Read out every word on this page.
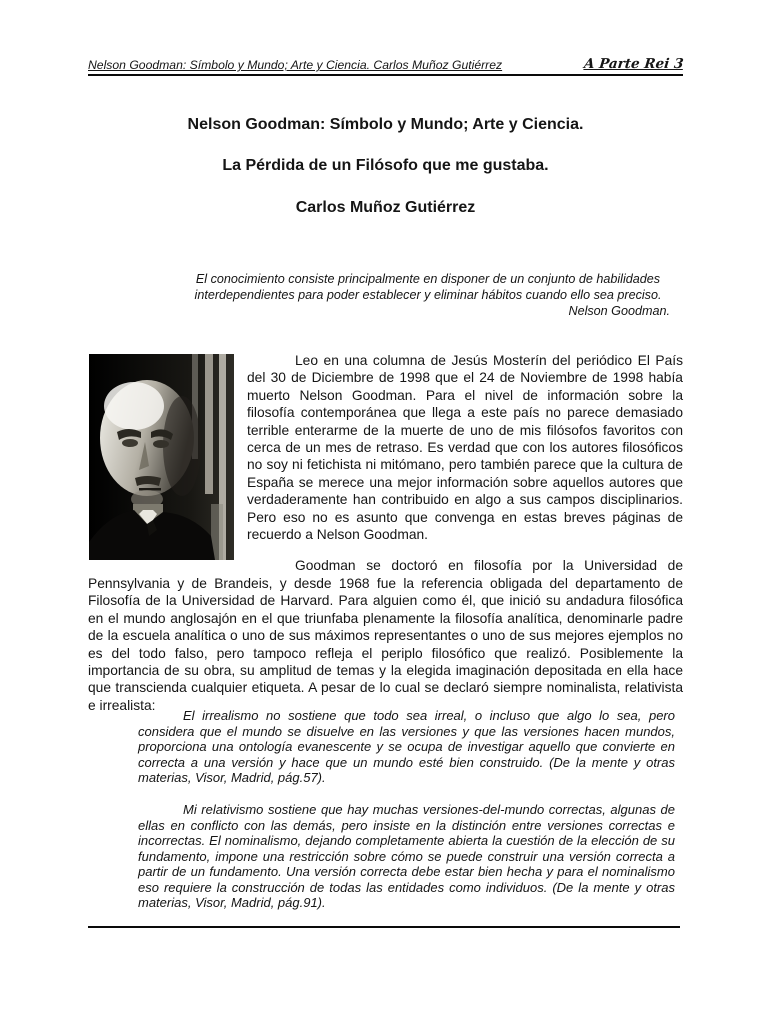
Nelson Goodman: Símbolo y Mundo; Arte y Ciencia. Carlos Muñoz Gutiérrez	A Parte Rei 3
Nelson Goodman: Símbolo y Mundo; Arte y Ciencia.
La Pérdida de un Filósofo que me gustaba.
Carlos Muñoz Gutiérrez

El conocimiento consiste principalmente en disponer de un conjunto de habilidades interdependientes para poder establecer y eliminar hábitos cuando ello sea preciso.

Nelson Goodman.

Leo en una columna de Jesús Mosterín del periódico El País del 30 de Diciembre de 1998 que el 24 de Noviembre de 1998 había muerto Nelson Goodman. Para el nivel de información sobre la filosofía contemporánea que llega a este país no parece demasiado terrible enterarme de la muerte de uno de mis filósofos favoritos con cerca de un mes de retraso. Es verdad que con los autores filosóficos no soy ni fetichista ni mitómano, pero también parece que la cultura de España se merece una mejor información sobre aquellos autores que verdaderamente han contribuido en algo a sus campos disciplinarios. Pero eso no es asunto que convenga en estas breves páginas de recuerdo a Nelson Goodman.

Goodman se doctoró en filosofía por la Universidad de Pennsylvania y de Brandeis, y desde 1968 fue la referencia obligada del departamento de Filosofía de la Universidad de Harvard. Para alguien como él, que inició su andadura filosófica en el mundo anglosajón en el que triunfaba plenamente la filosofía analítica, denominarle padre de la escuela analítica o uno de sus máximos representantes o uno de sus mejores ejemplos no es del todo falso, pero tampoco refleja el periplo filosófico que realizó. Posiblemente la importancia de su obra, su amplitud de temas y la elegida imaginación depositada en ella hace que transcienda cualquier etiqueta. A pesar de lo cual se declaró siempre nominalista, relativista e irrealista:

El irrealismo no sostiene que todo sea irreal, o incluso que algo lo sea, pero considera que el mundo se disuelve en las versiones y que las versiones hacen mundos, proporciona una ontología evanescente y se ocupa de investigar aquello que convierte en correcta a una versión y hace que un mundo esté bien construido. (De la mente y otras materias, Visor, Madrid, pág.57).

Mi relativismo sostiene que hay muchas versiones-del-mundo correctas, algunas de ellas en conflicto con las demás, pero insiste en la distinción entre versiones correctas e incorrectas. El nominalismo, dejando completamente abierta la cuestión de la elección de su fundamento, impone una restricción sobre cómo se puede construir una versión correcta a partir de un fundamento. Una versión correcta debe estar bien hecha y para el nominalismo eso requiere la construcción de todas las entidades como individuos. (De la mente y otras materias, Visor, Madrid, pág.91).
